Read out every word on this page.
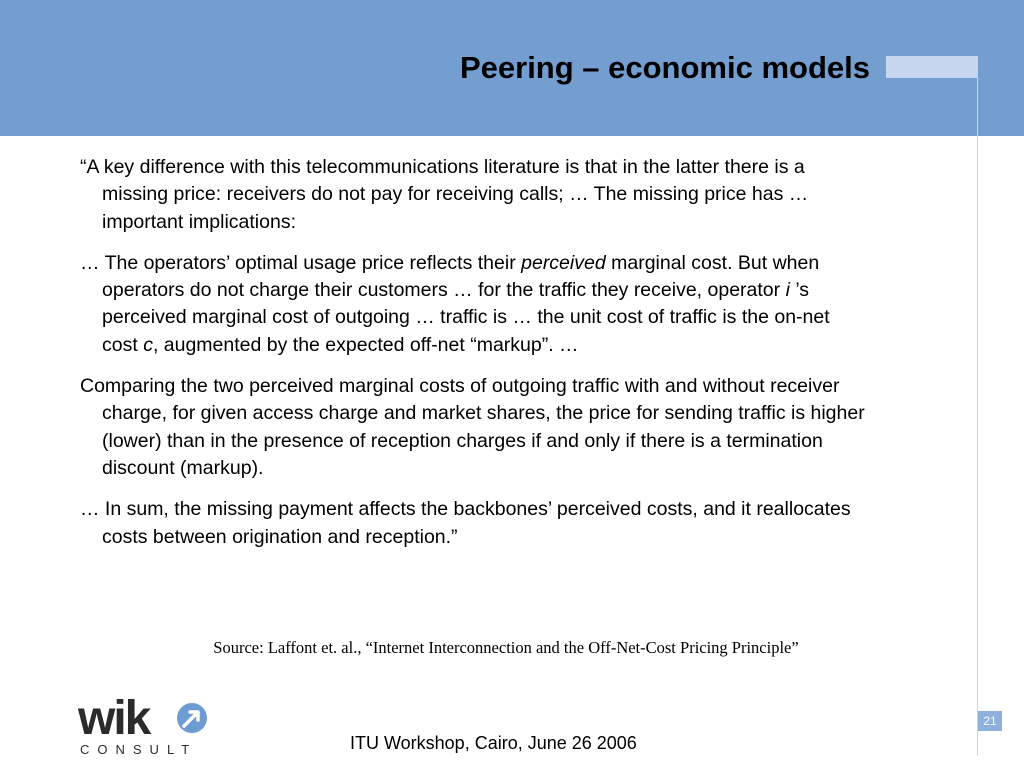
Peering – economic models

“A key difference with this telecommunications literature is that in the latter there is a missing price: receivers do not pay for receiving calls; … The missing price has … important implications:

… The operators’ optimal usage price reflects their perceived marginal cost. But when operators do not charge their customers … for the traffic they receive, operator i ’s perceived marginal cost of outgoing … traffic is … the unit cost of traffic is the on-net cost c, augmented by the expected off-net “markup”. …

Comparing the two perceived marginal costs of outgoing traffic with and without receiver charge, for given access charge and market shares, the price for sending traffic is higher (lower) than in the presence of reception charges if and only if there is a termination discount (markup).

… In sum, the missing payment affects the backbones’ perceived costs, and it reallocates costs between origination and reception.”

Source: Laffont et. al., “Internet Interconnection and the Off-Net-Cost Pricing Principle”
wik
CONSULT	ITU Workshop, Cairo, June 26 2006
21
